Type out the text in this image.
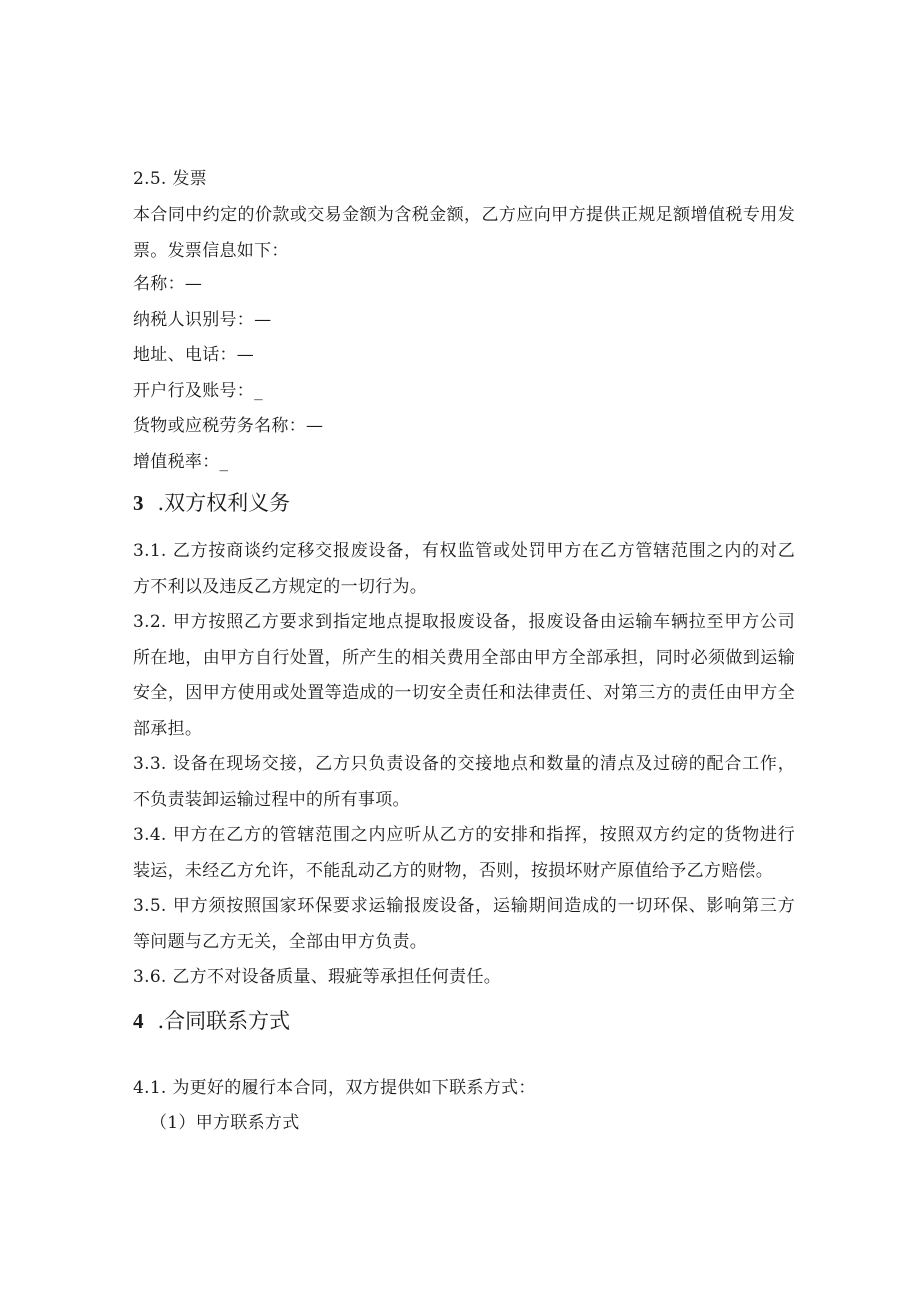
2.5. 发票
本合同中约定的价款或交易金额为含税金额，乙方应向甲方提供正规足额增值税专用发票。发票信息如下：
名称：—
纳税人识别号：—
地址、电话：—
开户行及账号：_
货物或应税劳务名称：—
增值税率：_
3 .双方权利义务
3.1. 乙方按商谈约定移交报废设备，有权监管或处罚甲方在乙方管辖范围之内的对乙方不利以及违反乙方规定的一切行为。
3.2. 甲方按照乙方要求到指定地点提取报废设备，报废设备由运输车辆拉至甲方公司所在地，由甲方自行处置，所产生的相关费用全部由甲方全部承担，同时必须做到运输安全，因甲方使用或处置等造成的一切安全责任和法律责任、对第三方的责任由甲方全部承担。
3.3. 设备在现场交接，乙方只负责设备的交接地点和数量的清点及过磅的配合工作，不负责装卸运输过程中的所有事项。
3.4. 甲方在乙方的管辖范围之内应听从乙方的安排和指挥，按照双方约定的货物进行装运，未经乙方允许，不能乱动乙方的财物，否则，按损坏财产原值给予乙方赔偿。
3.5. 甲方须按照国家环保要求运输报废设备，运输期间造成的一切环保、影响第三方等问题与乙方无关，全部由甲方负责。
3.6. 乙方不对设备质量、瑕疵等承担任何责任。
4 .合同联系方式
4.1. 为更好的履行本合同，双方提供如下联系方式：
（1）甲方联系方式
